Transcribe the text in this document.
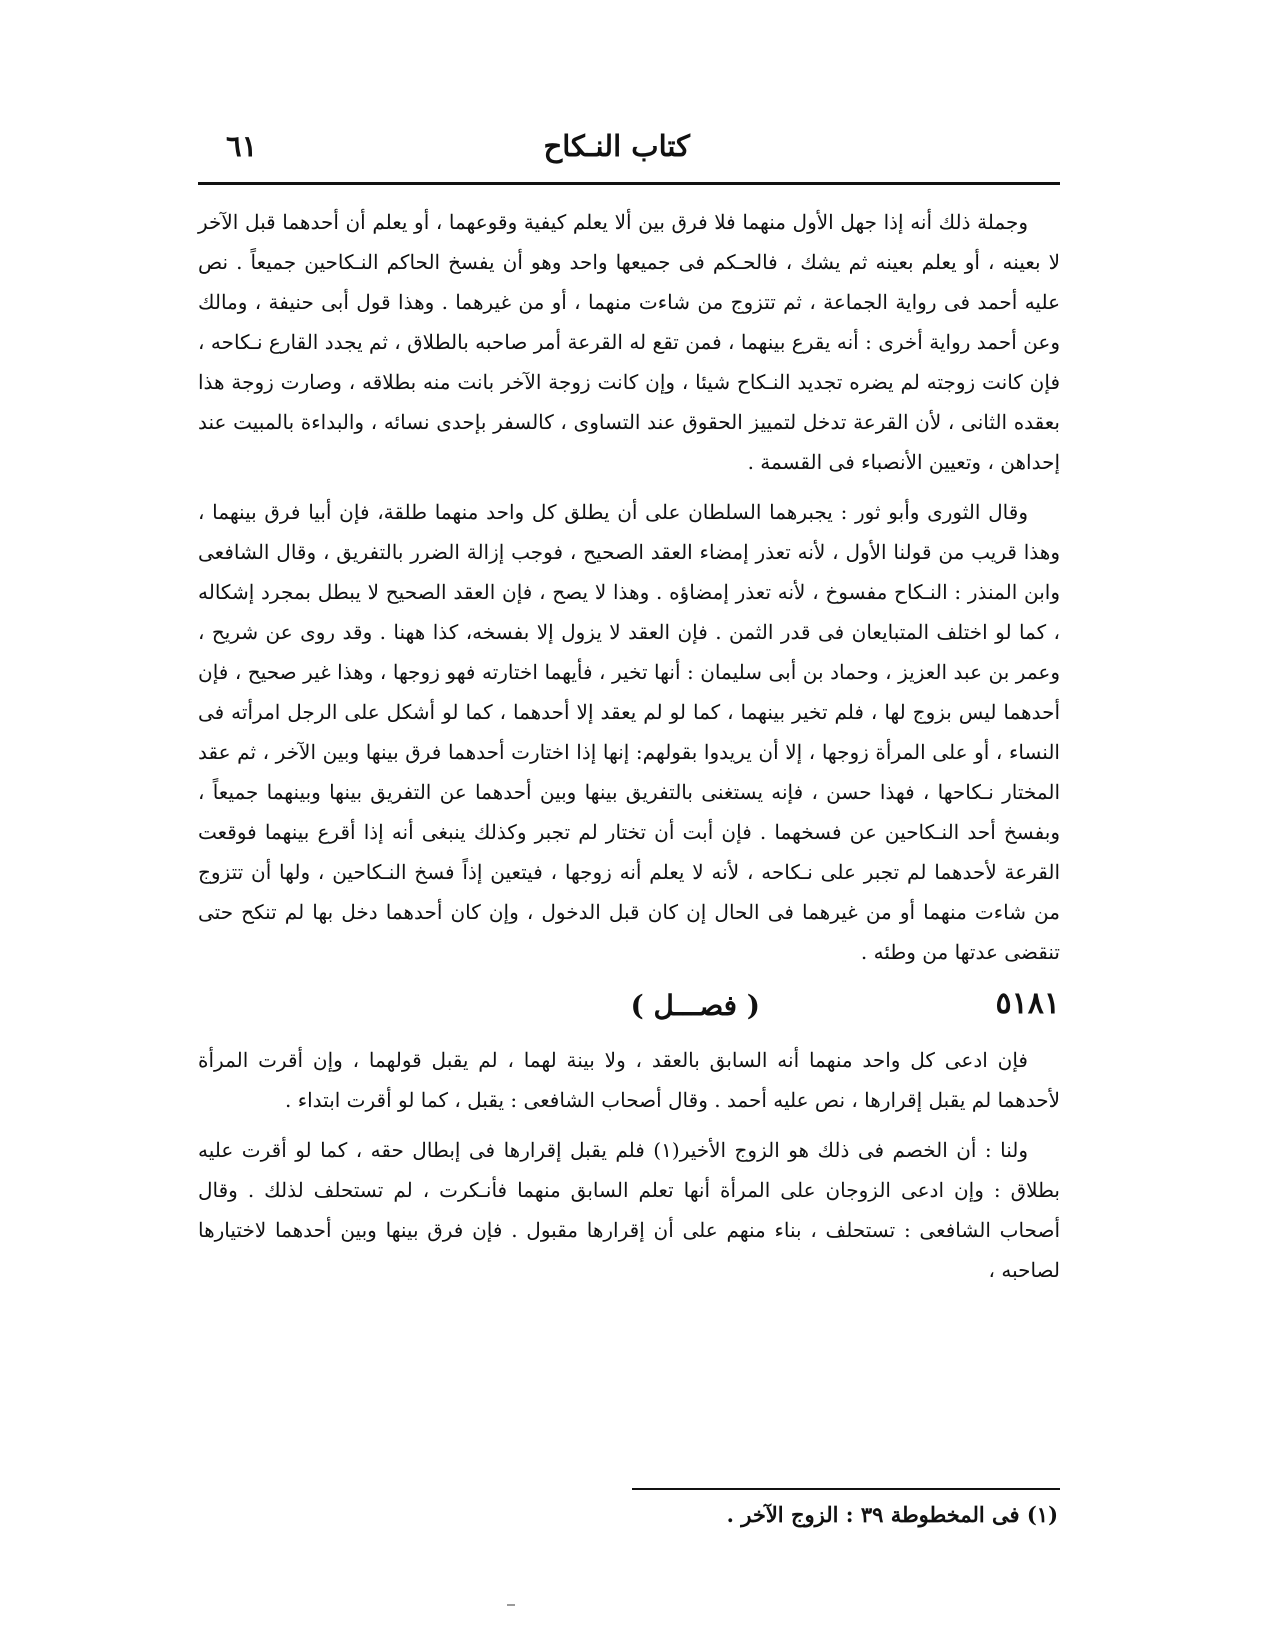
كتاب النـكاح
٦١

وجملة ذلك أنه إذا جهل الأول منهما فلا فرق بين ألا يعلم كيفية وقوعهما ، أو يعلم أن أحدهما قبل الآخر لا بعينه ، أو يعلم بعينه ثم يشك ، فالحـكم فى جميعها واحد وهو أن يفسخ الحاكم النـكاحين جميعاً . نص عليه أحمد فى رواية الجماعة ، ثم تتزوج من شاءت منهما ، أو من غيرهما . وهذا قول أبى حنيفة ، ومالك وعن أحمد رواية أخرى : أنه يقرع بينهما ، فمن تقع له القرعة أمر صاحبه بالطلاق ، ثم يجدد القارع نـكاحه ، فإن كانت زوجته لم يضره تجديد النـكاح شيئا ، وإن كانت زوجة الآخر بانت منه بطلاقه ، وصارت زوجة هذا بعقده الثانى ، لأن القرعة تدخل لتمييز الحقوق عند التساوى ، كالسفر بإحدى نسائه ، والبداءة بالمبيت عند إحداهن ، وتعيين الأنصباء فى القسمة .

وقال الثورى وأبو ثور : يجبرهما السلطان على أن يطلق كل واحد منهما طلقة، فإن أبيا فرق بينهما ، وهذا قريب من قولنا الأول ، لأنه تعذر إمضاء العقد الصحيح ، فوجب إزالة الضرر بالتفريق ، وقال الشافعى وابن المنذر : النـكاح مفسوخ ، لأنه تعذر إمضاؤه . وهذا لا يصح ، فإن العقد الصحيح لا يبطل بمجرد إشكاله ، كما لو اختلف المتبايعان فى قدر الثمن . فإن العقد لا يزول إلا بفسخه، كذا ههنا . وقد روى عن شريح ، وعمر بن عبد العزيز ، وحماد بن أبى سليمان : أنها تخير ، فأيهما اختارته فهو زوجها ، وهذا غير صحيح ، فإن أحدهما ليس بزوج لها ، فلم تخير بينهما ، كما لو لم يعقد إلا أحدهما ، كما لو أشكل على الرجل امرأته فى النساء ، أو على المرأة زوجها ، إلا أن يريدوا بقولهم: إنها إذا اختارت أحدهما فرق بينها وبين الآخر ، ثم عقد المختار نـكاحها ، فهذا حسن ، فإنه يستغنى بالتفريق بينها وبين أحدهما عن التفريق بينها وبينهما جميعاً ، وبفسخ أحد النـكاحين عن فسخهما . فإن أبت أن تختار لم تجبر وكذلك ينبغى أنه إذا أقرع بينهما فوقعت القرعة لأحدهما لم تجبر على نـكاحه ، لأنه لا يعلم أنه زوجها ، فيتعين إذاً فسخ النـكاحين ، ولها أن تتزوج من شاءت منهما أو من غيرهما فى الحال إن كان قبل الدخول ، وإن كان أحدهما دخل بها لم تنكح حتى تنقضى عدتها من وطئه .

٥١٨١
( فصـــل )

فإن ادعى كل واحد منهما أنه السابق بالعقد ، ولا بينة لهما ، لم يقبل قولهما ، وإن أقرت المرأة لأحدهما لم يقبل إقرارها ، نص عليه أحمد . وقال أصحاب الشافعى : يقبل ، كما لو أقرت ابتداء .

ولنا : أن الخصم فى ذلك هو الزوج الأخير(١) فلم يقبل إقرارها فى إبطال حقه ، كما لو أقرت عليه بطلاق : وإن ادعى الزوجان على المرأة أنها تعلم السابق منهما فأنـكرت ، لم تستحلف لذلك . وقال أصحاب الشافعى : تستحلف ، بناء منهم على أن إقرارها مقبول . فإن فرق بينها وبين أحدهما لاختيارها لصاحبه ،

(١) فى المخطوطة ٣٩ : الزوج الآخر .
